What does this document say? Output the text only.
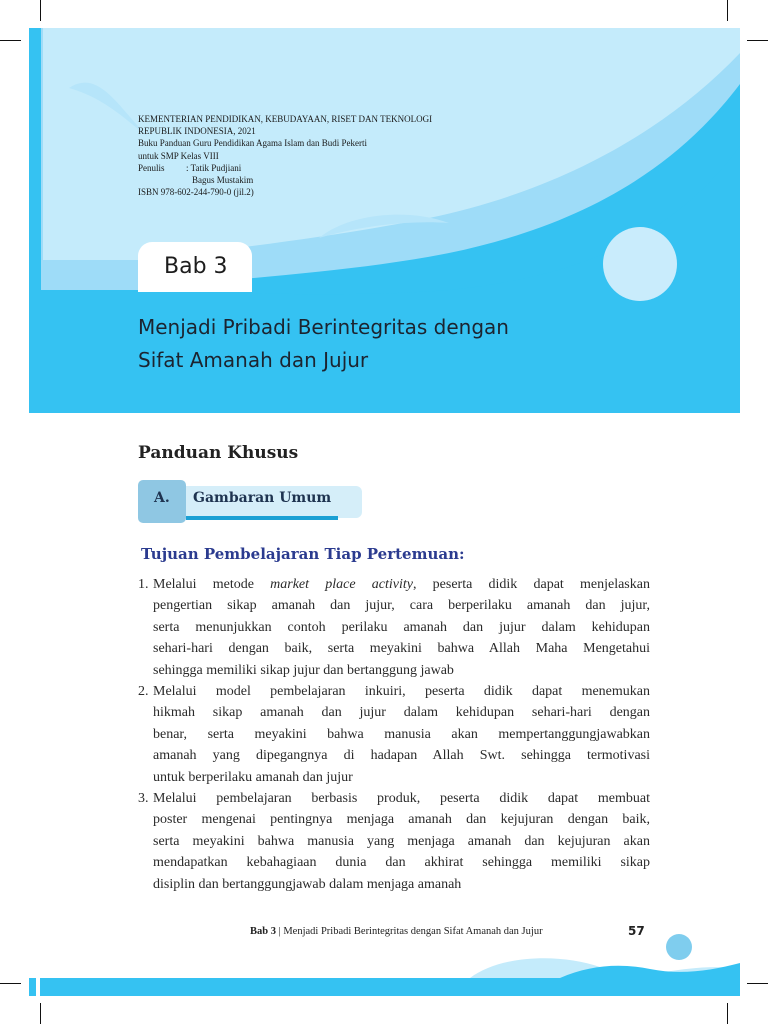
KEMENTERIAN PENDIDIKAN, KEBUDAYAAN, RISET DAN TEKNOLOGI
REPUBLIK INDONESIA, 2021
Buku Panduan Guru Pendidikan Agama Islam dan Budi Pekerti
untuk SMP Kelas VIII
Penulis : Tatik Pudjiani
Bagus Mustakim
ISBN 978-602-244-790-0 (jil.2)
Bab 3
Menjadi Pribadi Berintegritas dengan
Sifat Amanah dan Jujur
Panduan Khusus
A.	Gambaran Umum
Tujuan Pembelajaran Tiap Pertemuan:
1. Melalui metode market place activity, peserta didik dapat menjelaskan
pengertian sikap amanah dan jujur, cara berperilaku amanah dan jujur,
serta menunjukkan contoh perilaku amanah dan jujur dalam kehidupan
sehari-hari dengan baik, serta meyakini bahwa Allah Maha Mengetahui
sehingga memiliki sikap jujur dan bertanggung jawab
2. Melalui model pembelajaran inkuiri, peserta didik dapat menemukan
hikmah sikap amanah dan jujur dalam kehidupan sehari-hari dengan
benar, serta meyakini bahwa manusia akan mempertanggungjawabkan
amanah yang dipegangnya di hadapan Allah Swt. sehingga termotivasi
untuk berperilaku amanah dan jujur
3. Melalui pembelajaran berbasis produk, peserta didik dapat membuat
poster mengenai pentingnya menjaga amanah dan kejujuran dengan baik,
serta meyakini bahwa manusia yang menjaga amanah dan kejujuran akan
mendapatkan kebahagiaan dunia dan akhirat sehingga memiliki sikap
disiplin dan bertanggungjawab dalam menjaga amanah
Bab 3 | Menjadi Pribadi Berintegritas dengan Sifat Amanah dan Jujur	57
